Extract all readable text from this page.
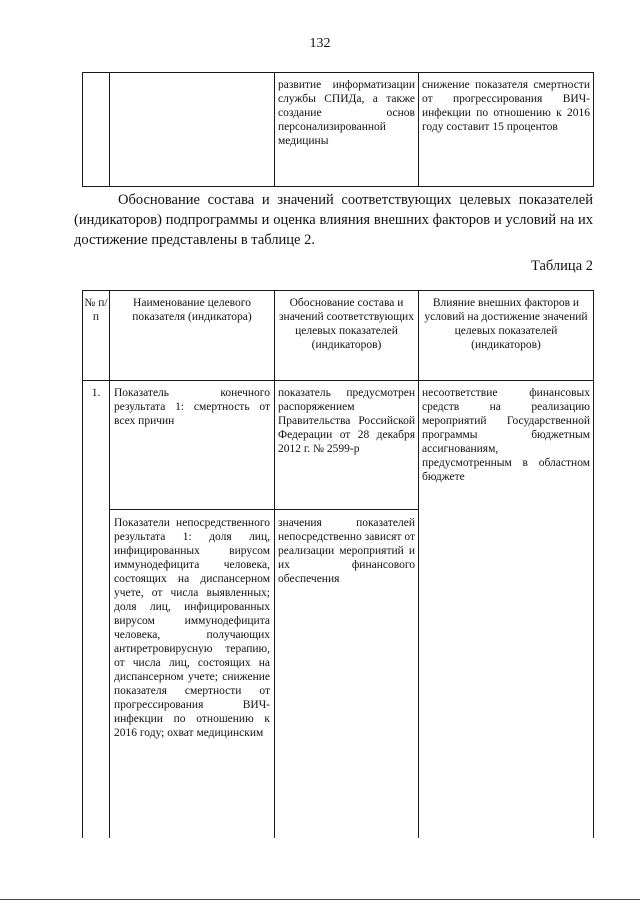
132
развитие информатизации службы СПИДа, а также создание основ персонализированной медицины
снижение показателя смертности от прогрессирования ВИЧ-инфекции по отношению к 2016 году составит 15 процентов
Обоснование состава и значений соответствующих целевых показателей (индикаторов) подпрограммы и оценка влияния внешних факторов и условий на их достижение представлены в таблице 2.
Таблица 2
№ п/п
Наименование целевого показателя (индикатора)
Обоснование состава и значений соответствующих целевых показателей (индикаторов)
Влияние внешних факторов и условий на достижение значений целевых показателей (индикаторов)
1.	Показатель конечного результата 1: смертность от всех причин
показатель предусмотрен распоряжением Правительства Российской Федерации от 28 декабря 2012 г. № 2599-р
несоответствие финансовых средств на реализацию мероприятий Государственной программы бюджетным ассигнованиям, предусмотренным в областном бюджете
Показатели непосредственного результата 1: доля лиц, инфицированных вирусом иммунодефицита человека, состоящих на диспансерном учете, от числа выявленных; доля лиц, инфицированных вирусом иммунодефицита человека, получающих антиретровирусную терапию, от числа лиц, состоящих на диспансерном учете; снижение показателя смертности от прогрессирования ВИЧ-инфекции по отношению к 2016 году; охват медицинским
значения показателей непосредственно зависят от реализации мероприятий и их финансового обеспечения
